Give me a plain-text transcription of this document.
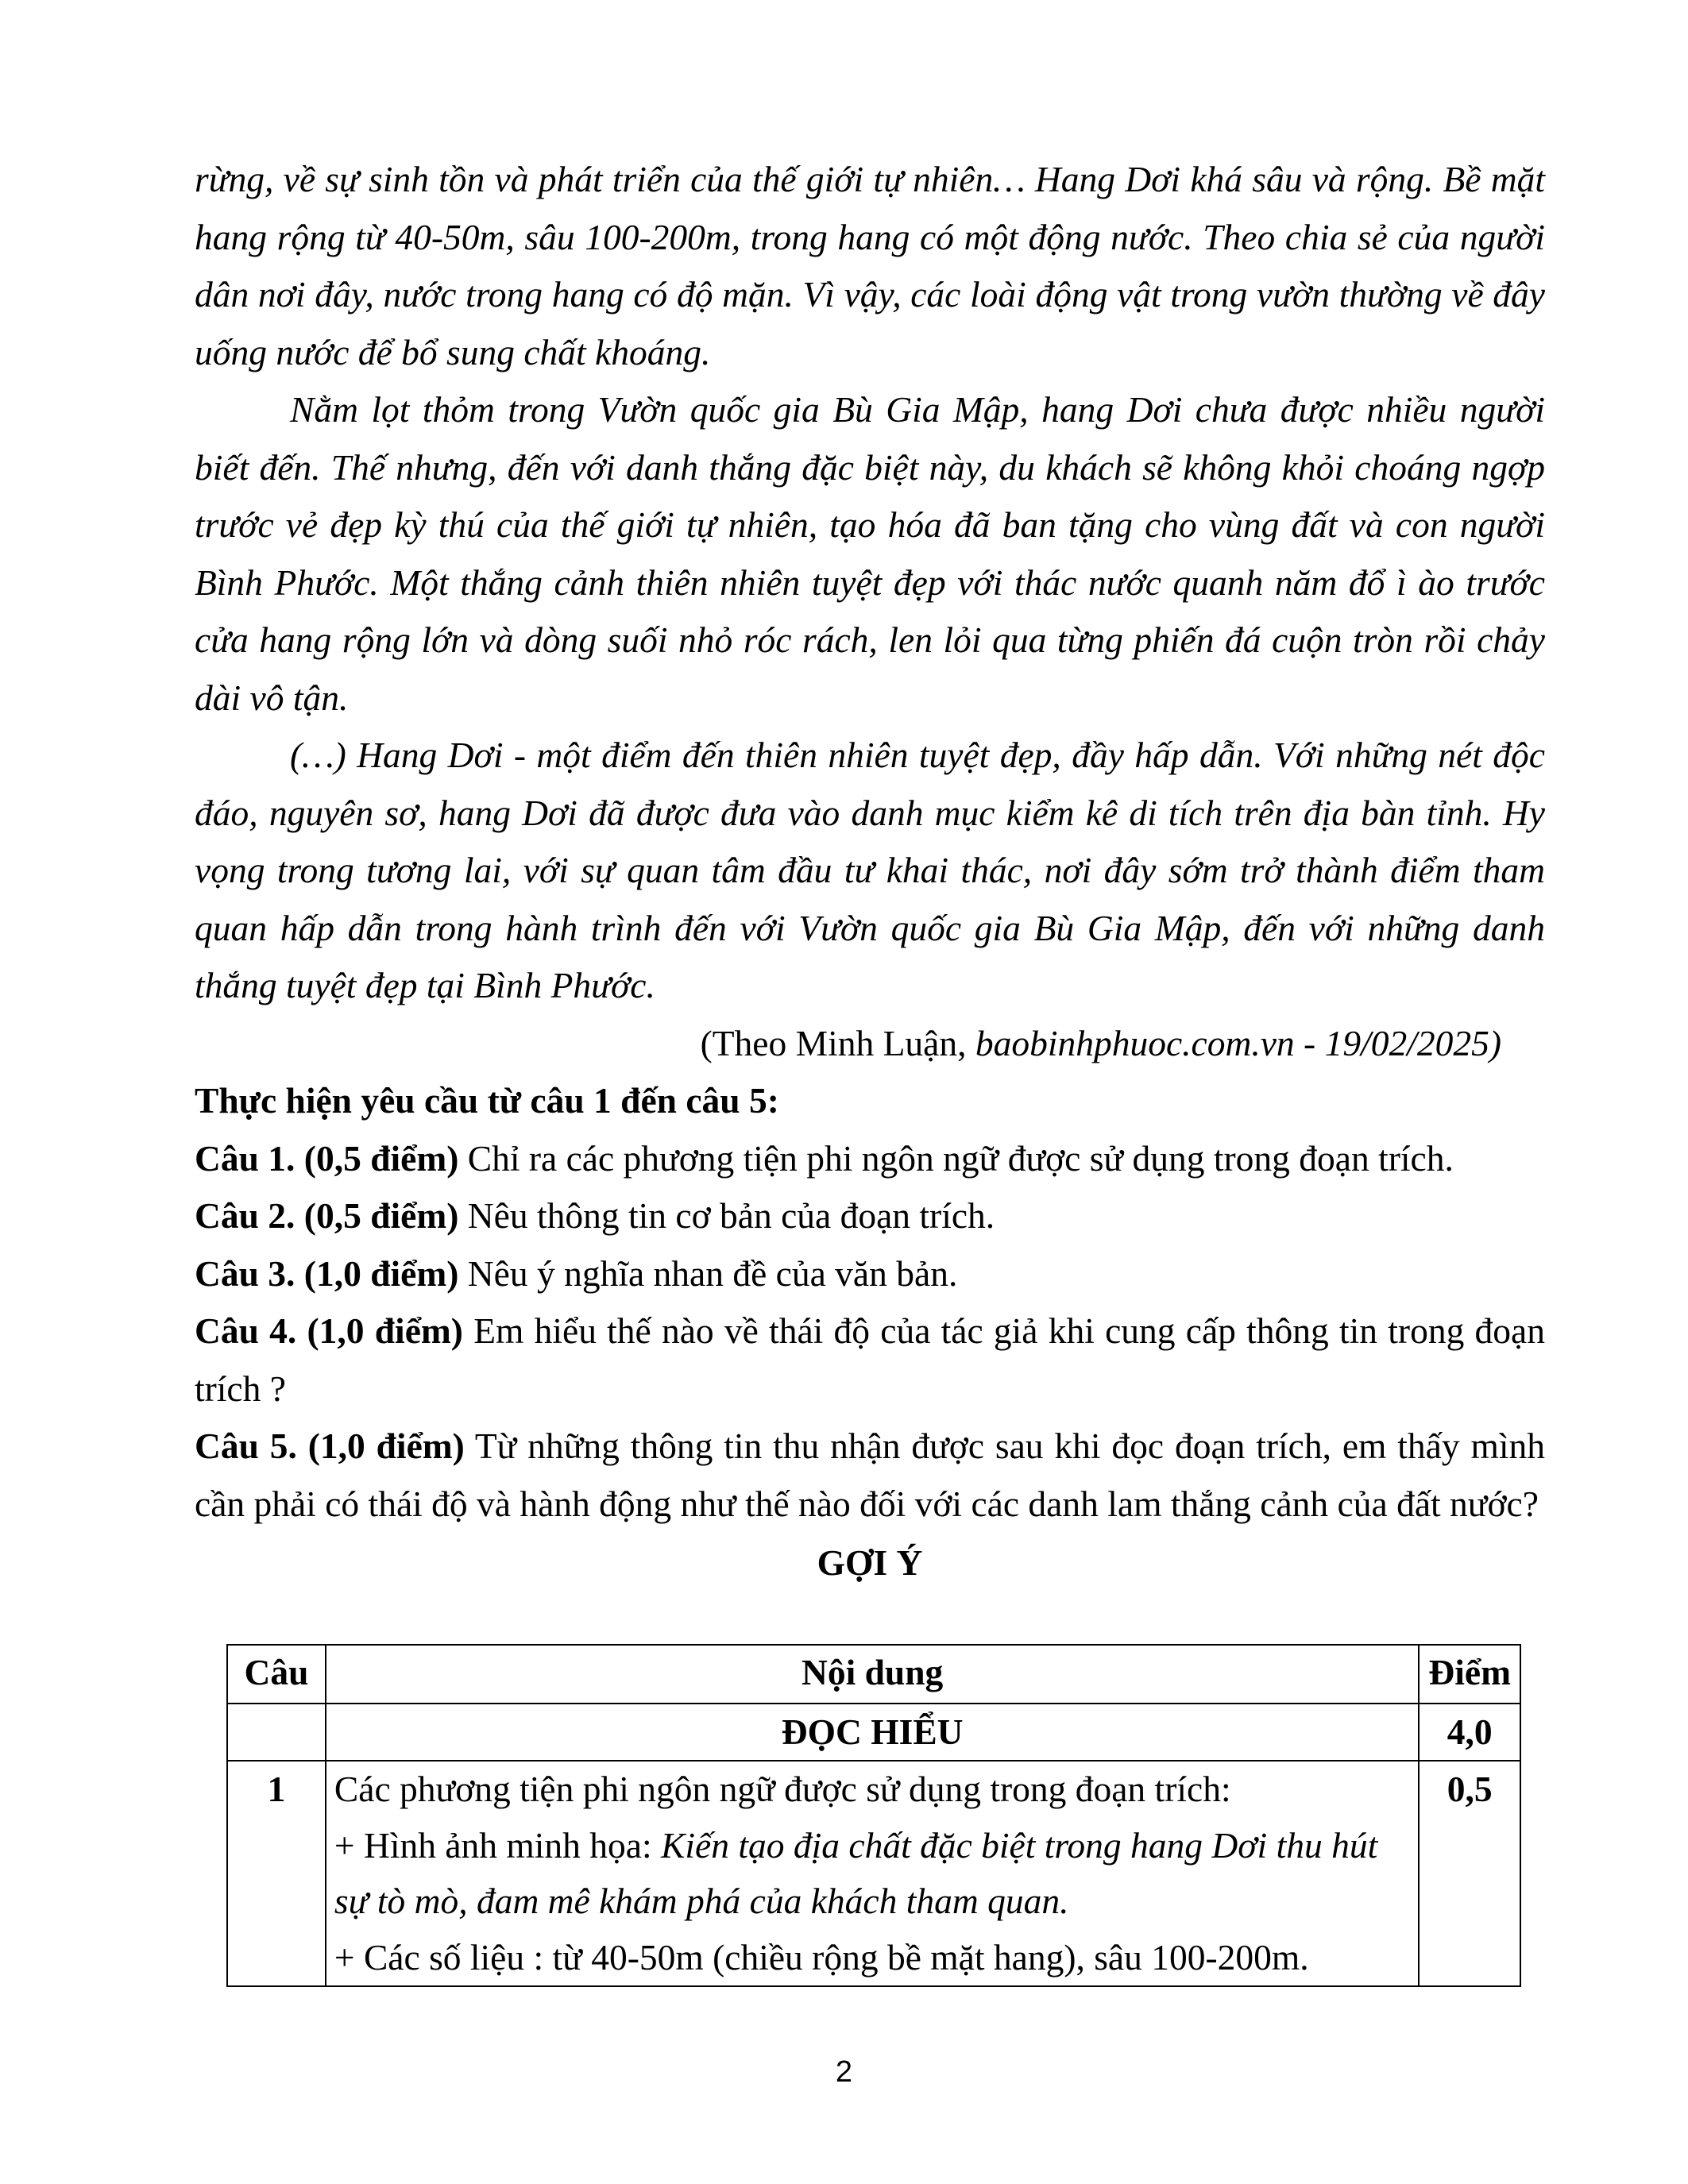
rừng, về sự sinh tồn và phát triển của thế giới tự nhiên… Hang Dơi khá sâu và rộng. Bề mặt hang rộng từ 40-50m, sâu 100-200m, trong hang có một động nước. Theo chia sẻ của người dân nơi đây, nước trong hang có độ mặn. Vì vậy, các loài động vật trong vườn thường về đây uống nước để bổ sung chất khoáng.

Nằm lọt thỏm trong Vườn quốc gia Bù Gia Mập, hang Dơi chưa được nhiều người biết đến. Thế nhưng, đến với danh thắng đặc biệt này, du khách sẽ không khỏi choáng ngợp trước vẻ đẹp kỳ thú của thế giới tự nhiên, tạo hóa đã ban tặng cho vùng đất và con người Bình Phước. Một thắng cảnh thiên nhiên tuyệt đẹp với thác nước quanh năm đổ ì ào trước cửa hang rộng lớn và dòng suối nhỏ róc rách, len lỏi qua từng phiến đá cuộn tròn rồi chảy dài vô tận.

(…) Hang Dơi - một điểm đến thiên nhiên tuyệt đẹp, đầy hấp dẫn. Với những nét độc đáo, nguyên sơ, hang Dơi đã được đưa vào danh mục kiểm kê di tích trên địa bàn tỉnh. Hy vọng trong tương lai, với sự quan tâm đầu tư khai thác, nơi đây sớm trở thành điểm tham quan hấp dẫn trong hành trình đến với Vườn quốc gia Bù Gia Mập, đến với những danh thắng tuyệt đẹp tại Bình Phước.

(Theo Minh Luận, baobinhphuoc.com.vn - 19/02/2025)

Thực hiện yêu cầu từ câu 1 đến câu 5:

Câu 1. (0,5 điểm) Chỉ ra các phương tiện phi ngôn ngữ được sử dụng trong đoạn trích.

Câu 2. (0,5 điểm) Nêu thông tin cơ bản của đoạn trích.

Câu 3. (1,0 điểm) Nêu ý nghĩa nhan đề của văn bản.

Câu 4. (1,0 điểm) Em hiểu thế nào về thái độ của tác giả khi cung cấp thông tin trong đoạn trích ?

Câu 5. (1,0 điểm) Từ những thông tin thu nhận được sau khi đọc đoạn trích, em thấy mình cần phải có thái độ và hành động như thế nào đối với các danh lam thắng cảnh của đất nước?

GỢI Ý
Câu	Nội dung	Điểm
	ĐỌC HIỂU	4,0
1	Các phương tiện phi ngôn ngữ được sử dụng trong đoạn trích:
+ Hình ảnh minh họa: Kiến tạo địa chất đặc biệt trong hang Dơi thu hút sự tò mò, đam mê khám phá của khách tham quan.
+ Các số liệu : từ 40-50m (chiều rộng bề mặt hang), sâu 100-200m.	0,5
2
